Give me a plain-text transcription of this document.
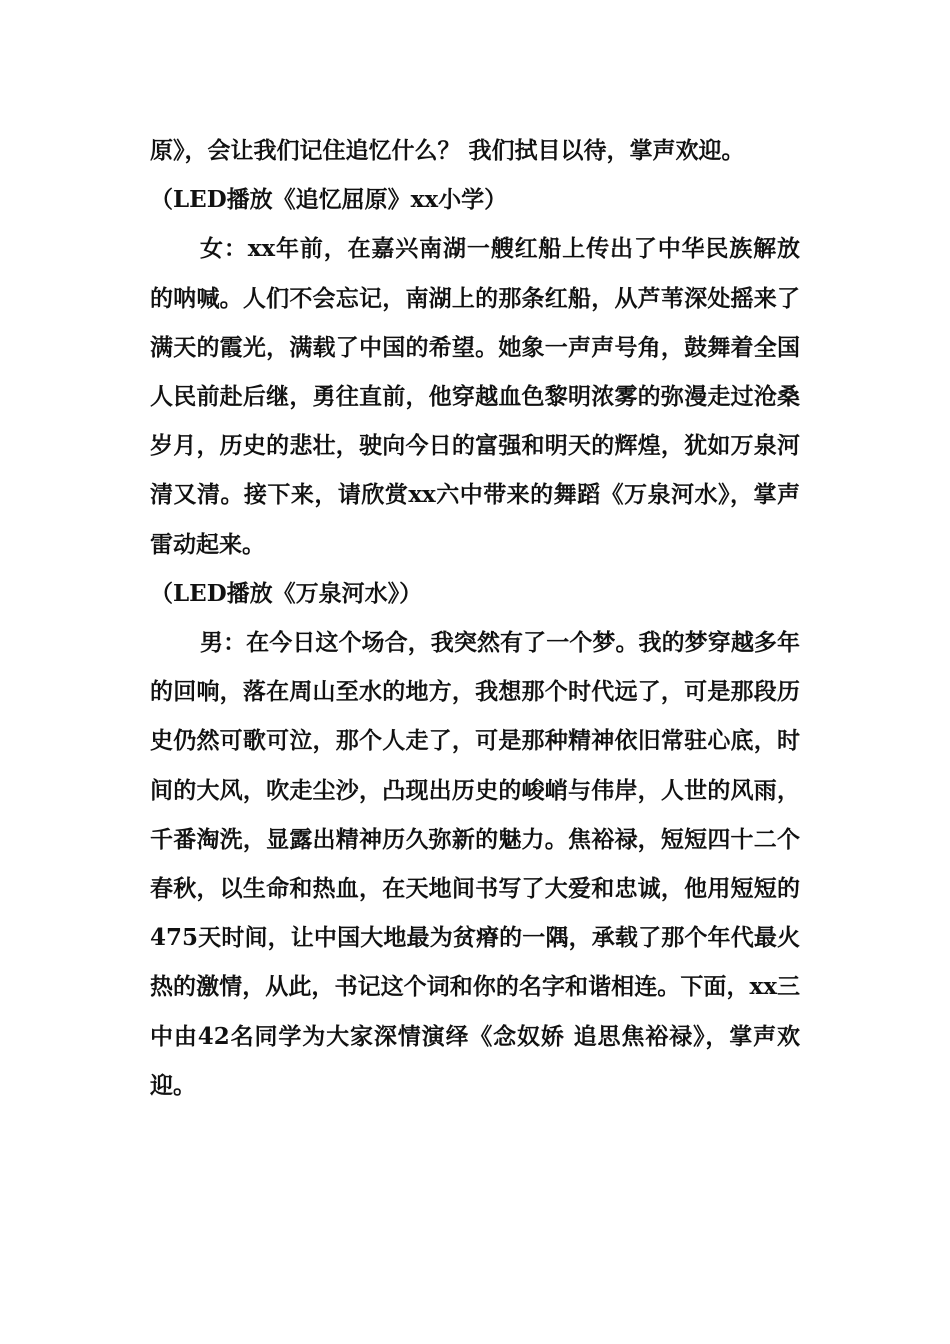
原》，会让我们记住追忆什么？ 我们拭目以待，掌声欢迎。

（LED播放《追忆屈原》xx小学）

女：xx年前，在嘉兴南湖一艘红船上传出了中华民族解放的呐喊。人们不会忘记，南湖上的那条红船，从芦苇深处摇来了满天的霞光，满载了中国的希望。她象一声声号角，鼓舞着全国人民前赴后继，勇往直前，他穿越血色黎明浓雾的弥漫走过沧桑岁月，历史的悲壮，驶向今日的富强和明天的辉煌，犹如万泉河清又清。接下来，请欣赏xx六中带来的舞蹈《万泉河水》，掌声雷动起来。

（LED播放《万泉河水》）

男：在今日这个场合，我突然有了一个梦。我的梦穿越多年的回响，落在周山至水的地方，我想那个时代远了，可是那段历史仍然可歌可泣，那个人走了，可是那种精神依旧常驻心底，时间的大风，吹走尘沙，凸现出历史的峻峭与伟岸，人世的风雨，千番淘洗，显露出精神历久弥新的魅力。焦裕禄，短短四十二个春秋，以生命和热血，在天地间书写了大爱和忠诚，他用短短的475天时间，让中国大地最为贫瘠的一隅，承载了那个年代最火热的激情，从此，书记这个词和你的名字和谐相连。下面，xx三中由42名同学为大家深情演绎《念奴娇 追思焦裕禄》，掌声欢迎。
